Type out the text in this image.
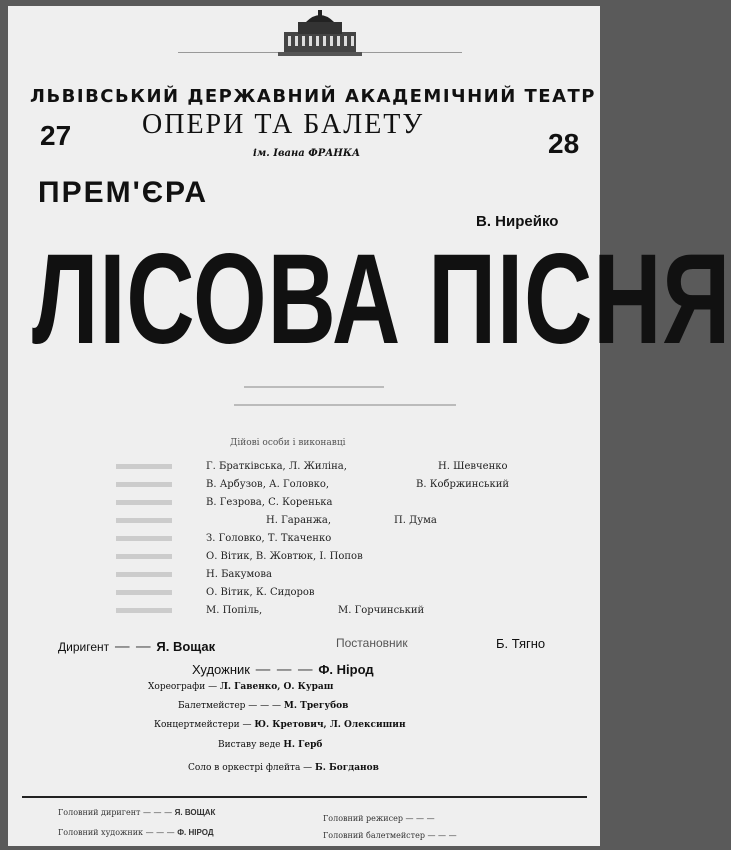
ЛЬВІВСЬКИЙ ДЕРЖАВНИЙ АКАДЕМІЧНИЙ ТЕАТР
ОПЕРИ ТА БАЛЕТУ
ім. Івана ФРАНКА
27	28
ПРЕМ'ЄРА
В. Нирейко
ЛІСОВА ПІСНЯ
Дійові особи і виконавці
Г. Братківська, Л. Жиліна,	Н. Шевченко
В. Арбузов, А. Головко,	В. Кобржинський
В. Гезрова, С. Коренька
Н. Гаранжа,	П. Дума
З. Головко, Т. Ткаченко
О. Вітик, В. Жовтюк, І. Попов
Н. Бакумова
О. Вітик, К. Сидоров
М. Попіль,	М. Горчинський
Диригент — — Я. Вощак	Постановник	Б. Тягно
Художник — — — Ф. Нірод
Хореографи — Л. Гавенко, О. Кураш
Балетмейстер — — — М. Трегубов
Концертмейстери — Ю. Кретович, Л. Олексишин
Виставу веде Н. Герб
Соло в оркестрі флейта — Б. Богданов
Головний диригент — — — Я. ВОЩАК
Головний художник — — — Ф. НІРОД
Головний режисер — — —
Головний балетмейстер — — —
